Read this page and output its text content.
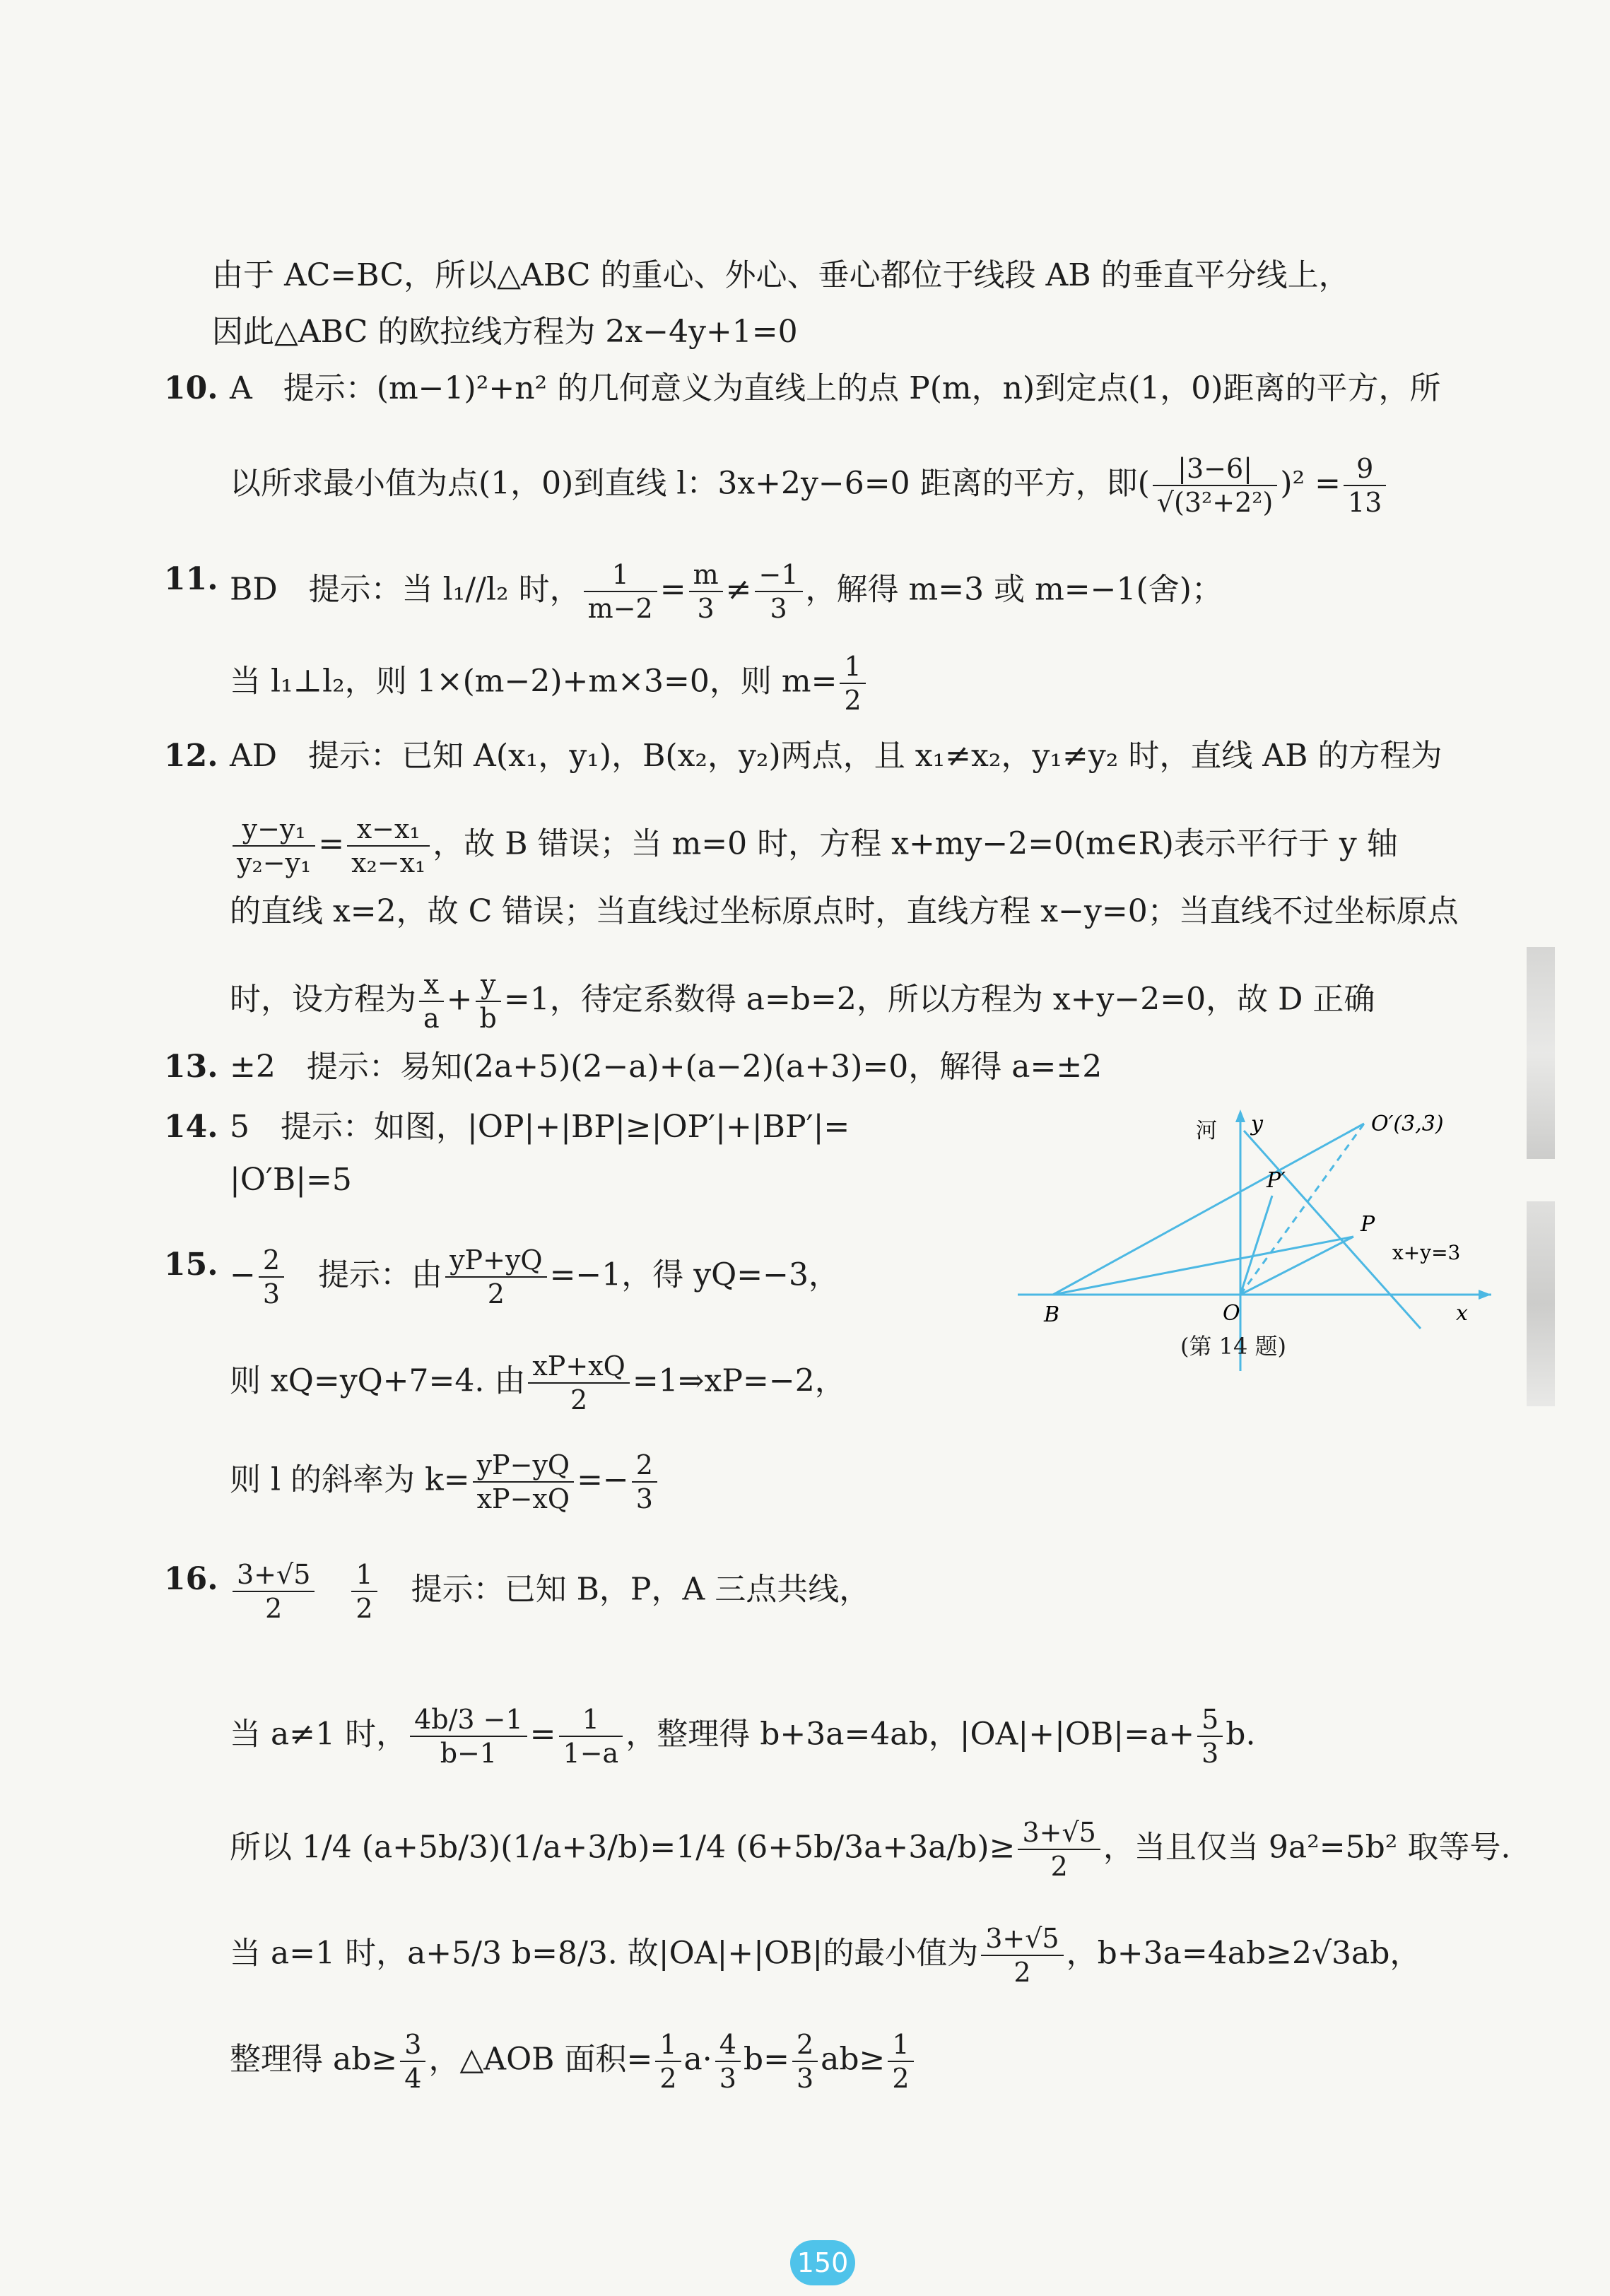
由于 AC=BC，所以△ABC 的重心、外心、垂心都位于线段 AB 的垂直平分线上，
因此△ABC 的欧拉线方程为 2x−4y+1=0
10. A　提示：(m−1)²+n² 的几何意义为直线上的点 P(m，n)到定点(1，0)距离的平方，所
以所求最小值为点(1，0)到直线 l：3x+2y−6=0 距离的平方，即( $\frac{|3-6|}{\text{√(3²+2²)}} )^2 = \frac{9}{13}$
11. BD　提示：当 l₁//l₂ 时， $\frac{1}{m-2} = \frac{m}{3} \ne \frac{-1}{3}$ ，解得 m=3 或 m=−1(舍)；
当 l₁⊥l₂，则 1×(m−2)+m×3=0，则 $m= \frac{1}{2}$
12. AD　提示：已知 A(x₁，y₁)，B(x₂，y₂)两点，且 x₁≠x₂，y₁≠y₂ 时，直线 AB 的方程为
$\frac{\text{y−y₁}}{\text{y₂−y₁}} = \frac{\text{x−x₁}}{\text{x₂−x₁}}$ ，故 B 错误；当 m=0 时，方程 x+my−2=0(m∈R)表示平行于 y 轴
的直线 x=2，故 C 错误；当直线过坐标原点时，直线方程 x−y=0；当直线不过坐标原点
时，设方程为 $\frac{x}{a} + \frac{y}{b} =1$，待定系数得 a=b=2，所以方程为 x+y−2=0，故 D 正确
13. ±2　提示：易知(2a+5)(2−a)+(a−2)(a+3)=0，解得 a=±2
14. 5　提示：如图，|OP|+|BP|≥|OP′|+|BP′|=
|O′B|=5
河 y	O′(3,3)
P′
P
x+y=3
B	O	x
(第 14 题)
15. − $\frac{2}{3}$
　 提示：由 $\frac{yP+yQ}{2} =-1$，得 yQ=−3，
则 xQ=yQ+7=4. 由 $\frac{xP+xQ}{2}$ =1⇒xP=−2，
则 l 的斜率为 $k= \frac{yP-yQ}{xP-xQ} =- \frac{2}{3}$
16. $\frac{3+√5}{2}$
　 $\frac{1}{2}$
　 提示：已知 B，P，A 三点共线，
当 a≠1 时， $\frac{4b/3 -1}{b-1} = \frac{1}{1-a}$ ，整理得 b+3a=4ab，$|OA|+|OB|=a+ \frac{5}{3} b$.
所以 1/4 (a+5b/3)(1/a+3/b)=1/4 $(6+5b/3a+3a/b)\ge \frac{3+√5}{2}$ ，当且仅当 9a²=5b² 取等号.
当 a=1 时，a+5/3 b=8/3. 故|OA|+|OB|的最小值为 $\frac{3+√5}{2}$ ，b+3a=4ab≥2√3ab，
整理得 $ab\ge \frac{3}{4}$ ，△AOB 面积= $\frac{1}{2} a\cdot \frac{4}{3} b= \frac{2}{3} ab\ge \frac{1}{2}$
150
